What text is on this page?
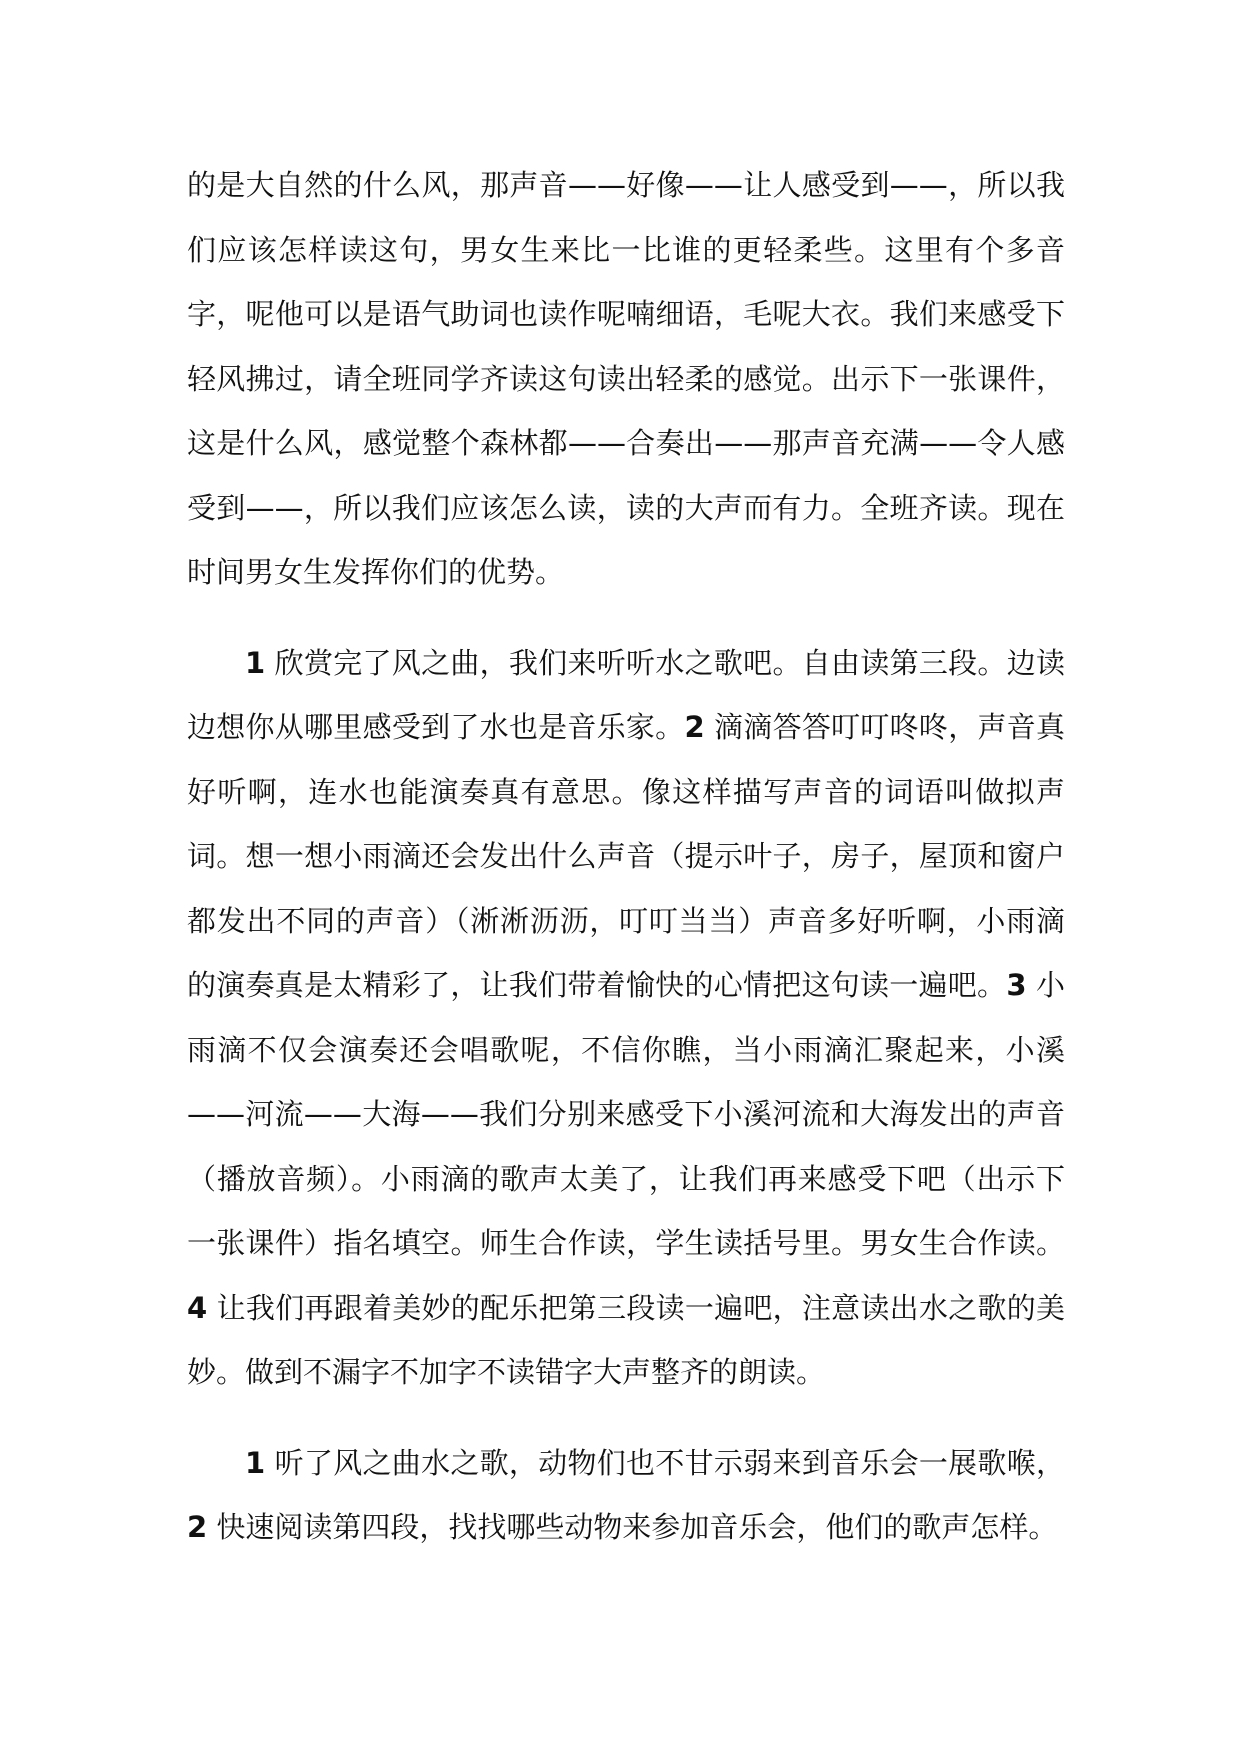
的是大自然的什么风，那声音——好像——让人感受到——，所以我们应该怎样读这句，男女生来比一比谁的更轻柔些。这里有个多音字，呢他可以是语气助词也读作呢喃细语，毛呢大衣。我们来感受下轻风拂过，请全班同学齐读这句读出轻柔的感觉。出示下一张课件，这是什么风，感觉整个森林都——合奏出——那声音充满——令人感受到——，所以我们应该怎么读，读的大声而有力。全班齐读。现在时间男女生发挥你们的优势。

1 欣赏完了风之曲，我们来听听水之歌吧。自由读第三段。边读边想你从哪里感受到了水也是音乐家。2 滴滴答答叮叮咚咚，声音真好听啊，连水也能演奏真有意思。像这样描写声音的词语叫做拟声词。想一想小雨滴还会发出什么声音（提示叶子，房子，屋顶和窗户都发出不同的声音）（淅淅沥沥，叮叮当当）声音多好听啊，小雨滴的演奏真是太精彩了，让我们带着愉快的心情把这句读一遍吧。3 小雨滴不仅会演奏还会唱歌呢，不信你瞧，当小雨滴汇聚起来，小溪——河流——大海——我们分别来感受下小溪河流和大海发出的声音（播放音频）。小雨滴的歌声太美了，让我们再来感受下吧（出示下一张课件）指名填空。师生合作读，学生读括号里。男女生合作读。4 让我们再跟着美妙的配乐把第三段读一遍吧，注意读出水之歌的美妙。做到不漏字不加字不读错字大声整齐的朗读。

1 听了风之曲水之歌，动物们也不甘示弱来到音乐会一展歌喉，2 快速阅读第四段，找找哪些动物来参加音乐会，他们的歌声怎样。
